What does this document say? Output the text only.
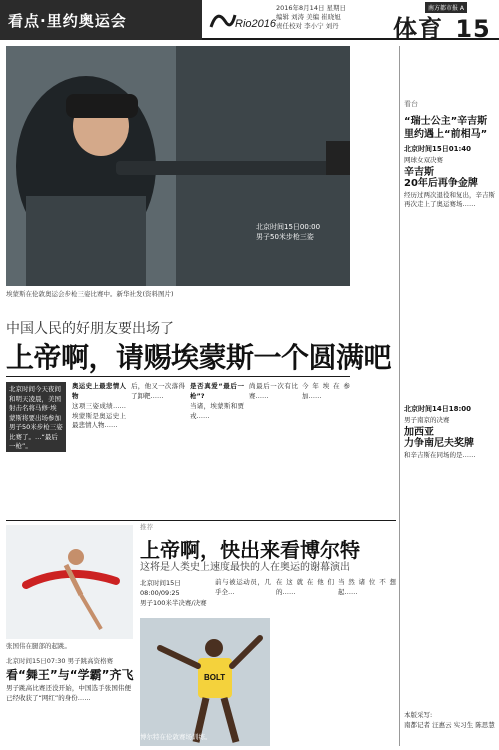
看点·里约奥运会	Rio2016
2016年8月14日 星期日
编辑 刘涛 美编 崔晓旭
责任校对 李小宁 刘丹
南方都市报 A
体育 15
北京时间15日00:00
男子50米步枪三姿
埃蒙斯在伦敦奥运会步枪三姿比赛中。新华社发(资料图片)
中国人民的好朋友要出场了
上帝啊，请赐埃蒙斯一个圆满吧
北京时间今天夜间和明天凌晨，美国射击名将马修·埃蒙斯将要出场参加男子50米步枪三姿比赛了。…“最后一枪”。
奥运史上最悲情人物
这项三姿成绩……埃蒙斯是奥运史上最悲情人物……
后，他又一次落得了卸靶……
是否真爱“最后一枪”?
当诸，埃蒙斯和贾戎……
尚最后一次有比赛……
今年埃在参加……
看台
“瑞士公主”辛吉斯里约遇上“前相马”
北京时间15日01:40
网球女双决赛
辛吉斯
20年后再争金牌
经历过两次退役和复出，辛吉斯再次走上了奥运赛场……
北京时间14日18:00
男子南京的决赛
加西亚
力争南尼夫奖牌
和辛吉斯在同场的是……
本版采写:
南都记者 汪惠云 实习生 陈思慧
张国伟在腿部的起跳。
北京时间15日07:30 男子跳高资格赛
看“舞王”与“学霸”齐飞
男子跳高比赛还没开始，中国选手张国伟便已经收获了“网红”的身份……
推荐
上帝啊，快出来看博尔特
这将是人类史上速度最快的人在奥运的谢幕演出
北京时间15日
08:00/09:25
男子100米半决赛/决赛
BOLT
博尔特在伦敦赛场训练。
前与被运动员，几乎全…
在这就在他们的……
当然诸位不想起……
